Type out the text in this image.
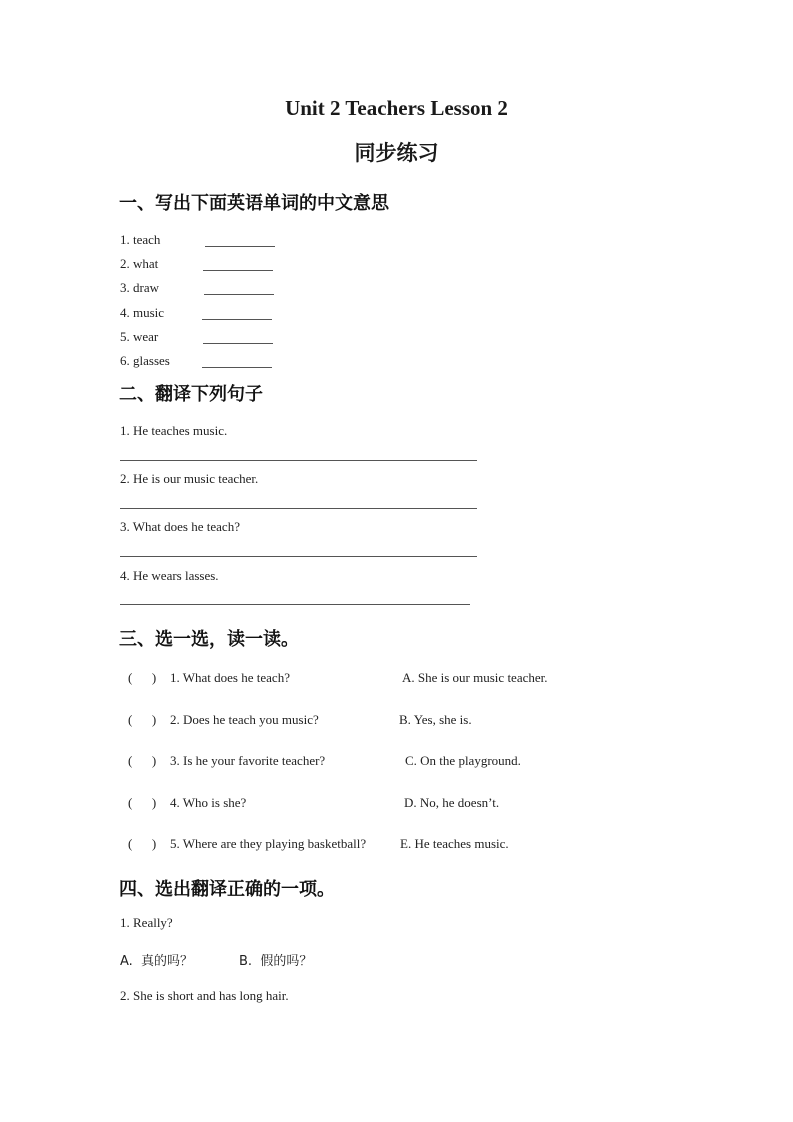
Unit 2 Teachers Lesson 2
同步练习
一、写出下面英语单词的中文意思
1. teach
2. what
3. draw
4. music
5. wear
6. glasses
二、翻译下列句子
1. He teaches music.
2. He is our music teacher.
3. What does he teach?
4. He wears lasses.
三、选一选，读一读。
(      ) 1. What does he teach?	A. She is our music teacher.
(      ) 2. Does he teach you music?	B. Yes, she is.
(      ) 3. Is he your favorite teacher?	C. On the playground.
(      ) 4. Who is she?	D. No, he doesn’t.
(      ) 5. Where are they playing basketball?	E. He teaches music.
四、选出翻译正确的一项。
1. Really?
A.  真的吗？	B.  假的吗？
2. She is short and has long hair.
